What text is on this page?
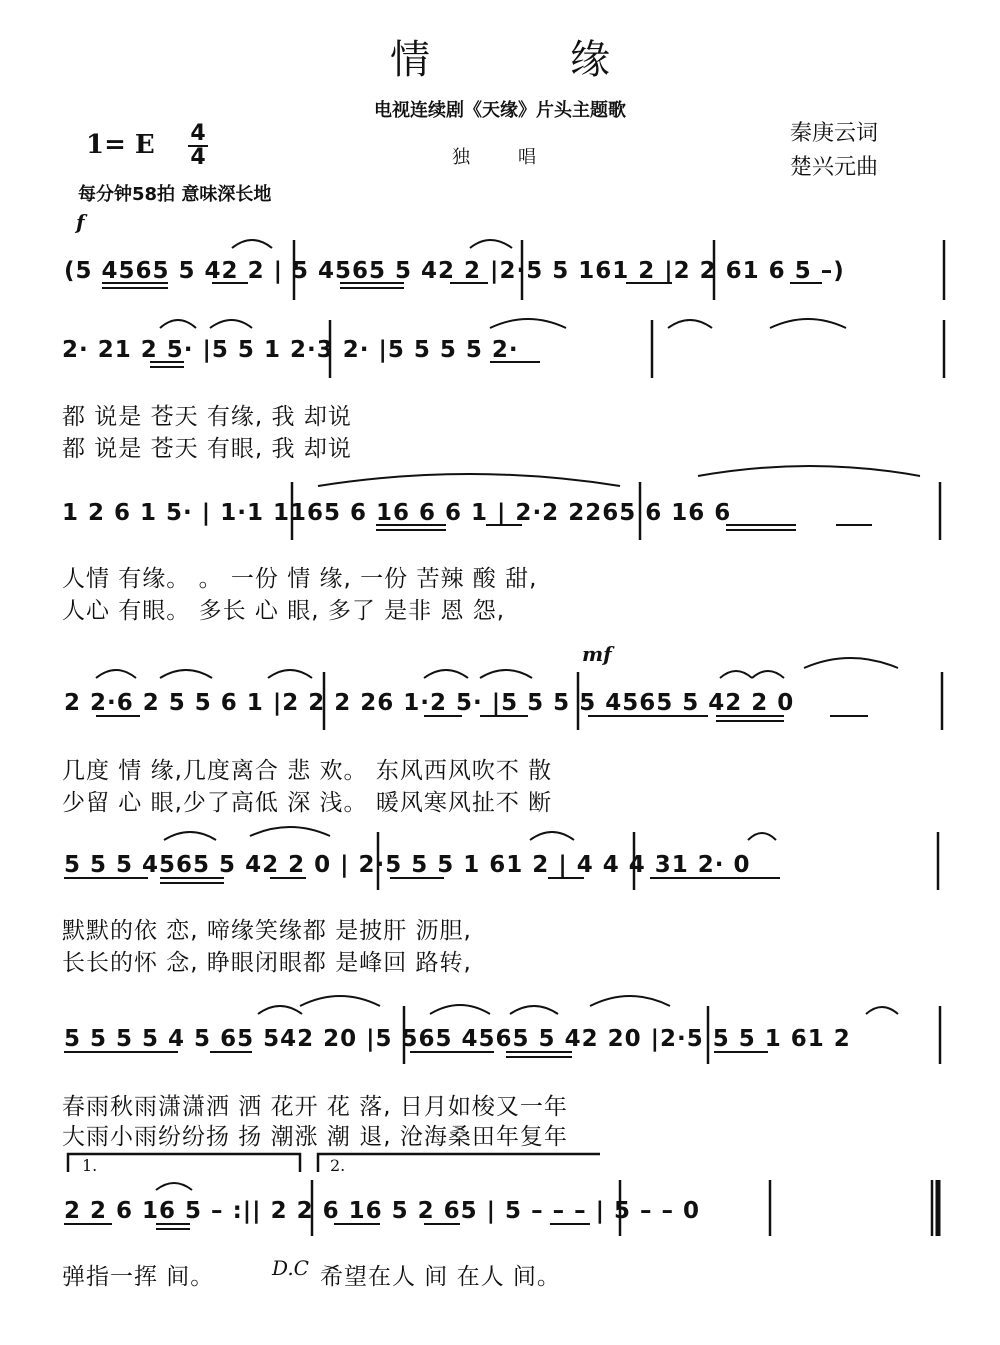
情	缘
电视连续剧《天缘》片头主题歌
1= E $\frac{4}{4}$	独唱
秦庚云词
楚兴元曲
每分钟58拍 意味深长地
f
mf
(5 4565 5 42 2 | 5 4565 5 42 2 |2·5 5 161 2 |2 2 61 6 5 –)
2· 21 2 5· |5 5 1 2·3 2· |5 5 5 5 2·
都 说是 苍天 有缘, 我 却说
都 说是 苍天 有眼, 我 却说
1 2 6 1 5· | 1·1 1165 6 16 6 6 1 | 2·2 2265 6 16 6
人情 有缘。 。 一份 情 缘, 一份 苦辣 酸 甜,
人心 有眼。 多长 心 眼, 多了 是非 恩 怨,
2 2·6 2 5 5 6 1 |2 2 2 26 1·2 5· |5 5 5 5 4565 5 42 2 0
几度 情 缘,几度离合 悲 欢。 东风西风吹不 散
少留 心 眼,少了高低 深 浅。 暖风寒风扯不 断
5 5 5 4565 5 42 2 0 | 2·5 5 5 1 61 2 | 4 4 4 31 2· 0
默默的依 恋, 啼缘笑缘都 是披肝 沥胆,
长长的怀 念, 睁眼闭眼都 是峰回 路转,
5 5 5 5 4 5 65 542 20 |5 565 4565 5 42 20 |2·5 5 5 1 61 2
春雨秋雨潇潇洒 洒 花开 花 落, 日月如梭又一年
大雨小雨纷纷扬 扬 潮涨 潮 退, 沧海桑田年复年
1.	2.
2 2 6 16 5 – :|| 2 2 6 16 5 2 65 | 5 – – – | 5 – – 0
弹指一挥 间。	D.C 希望在人 间 在人 间。
